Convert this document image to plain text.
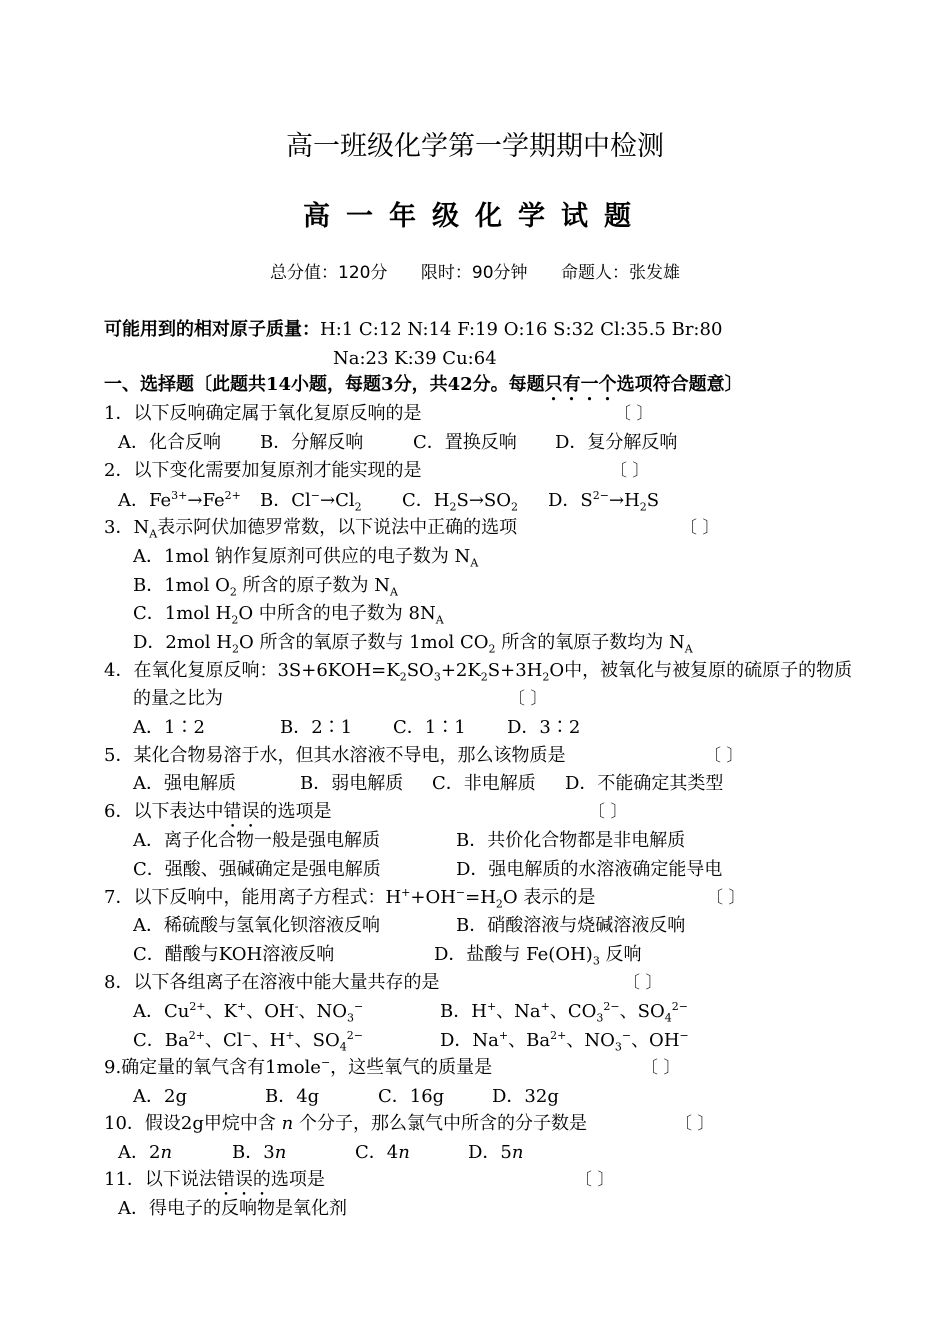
高一班级化学第一学期期中检测
高一年级化学试题
总分值：120分 限时：90分钟 命题人：张发雄
可能用到的相对原子质量：H:1 C:12 N:14 F:19 O:16 S:32 Cl:35.5 Br:80
Na:23 K:39 Cu:64
一、选择题〔此题共14小题，每题3分，共42分。每题只有一个选项符合题意〕
1．以下反响确定属于氧化复原反响的是	〔 〕
A．化合反响 B．分解反响	C．置换反响 D．复分解反响
2．以下变化需要加复原剂才能实现的是	〔 〕
A．$Fe^{3+}\to Fe^{2+}$ B．$Cl^-\to Cl_2$ C．$H_2S\to SO_2$ D．$S^{2-}\to H_2S$
3．$N_A$表示阿伏加德罗常数，以下说法中正确的选项	〔 〕
A．1mol 钠作复原剂可供应的电子数为 $N_A$
B．1mol $O_2$ 所含的原子数为 $N_A$
C．1mol $H_2O$ 中所含的电子数为 $8N_A$
D．2mol $H_2O$ 所含的氧原子数与 1mol $CO_2$ 所含的氧原子数均为 $N_A$
4．在氧化复原反响：$3S+6KOH=K_2SO_3+2K_2S+3H_2O$中，被氧化与被复原的硫原子的物质
的量之比为	〔 〕
A．1∶2	B．2∶1 C．1∶1 D．3∶2
5．某化合物易溶于水，但其水溶液不导电，那么该物质是	〔 〕
A．强电解质	B．弱电解质 C．非电解质 D．不能确定其类型
6．以下表达中错误的选项是	〔 〕
A．离子化合物一般是强电解质	B．共价化合物都是非电解质
C．强酸、强碱确定是强电解质	D．强电解质的水溶液确定能导电
7．以下反响中，能用离子方程式：$H^++OH^-=H_2O$ 表示的是	〔 〕
A．稀硫酸与氢氧化钡溶液反响	B．硝酸溶液与烧碱溶液反响
C．醋酸与KOH溶液反响	D．盐酸与 $Fe(OH)_3$ 反响
8．以下各组离子在溶液中能大量共存的是	〔 〕
A．$Cu^{2+}$、K+、OH-、$NO_3^-$	B．H+、Na+、$CO_3^{2-}$、$SO_4^{2-}$
C．$Ba^{2+}$、Cl−、H+、$SO_4^{2-}$	D．Na+、$Ba^{2+}$、$NO_3^-$、OH−
9.确定量的氧气含有1mole−，这些氧气的质量是	〔 〕
A．2g	B．4g	C．16g	D．32g
10．假设2g甲烷中含 n 个分子，那么氯气中所含的分子数是	〔 〕
A．2n	B．3n	C．4n	D．5n
11．以下说法错误的选项是	〔 〕
A．得电子的反响物是氧化剂
